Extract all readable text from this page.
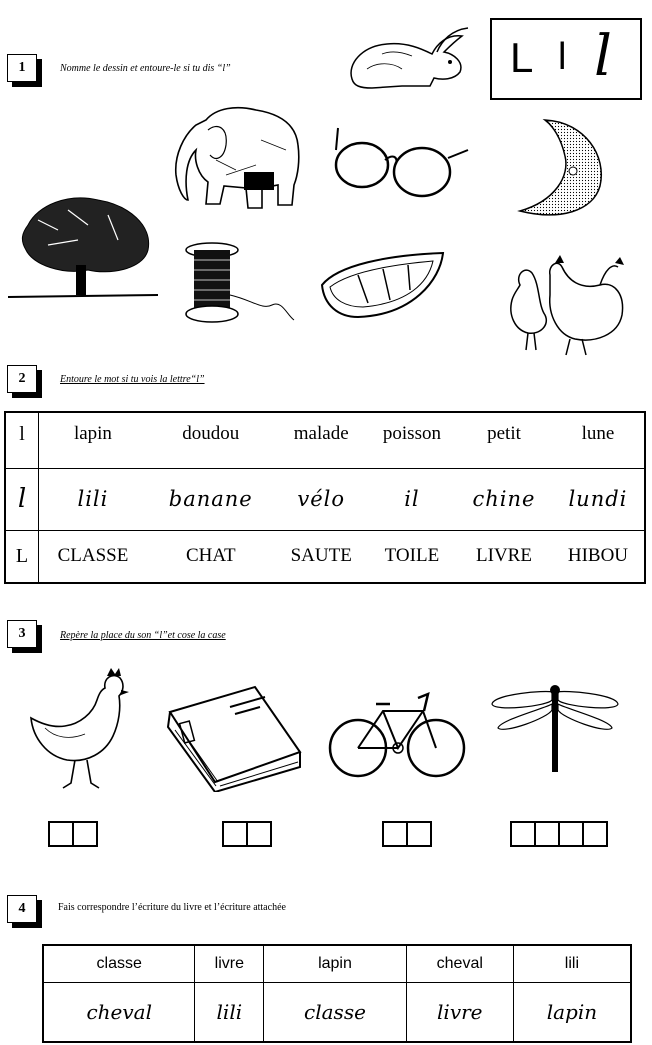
1	Nomme le dessin et entoure-le si tu dis “l”	L l l
2	Entoure le mot si tu vois la lettre“l”
l	lapin	doudou	malade	poisson	petit	lune
l	lili	banane	vélo	il	chine	lundi
L	CLASSE	CHAT	SAUTE	TOILE	LIVRE	HIBOU
3	Repère la place du son “l”et cose la case
4	Fais correspondre l’écriture du livre et l’écriture attachée
classe	livre	lapin	cheval	lili
cheval	lili	classe	livre	lapin
